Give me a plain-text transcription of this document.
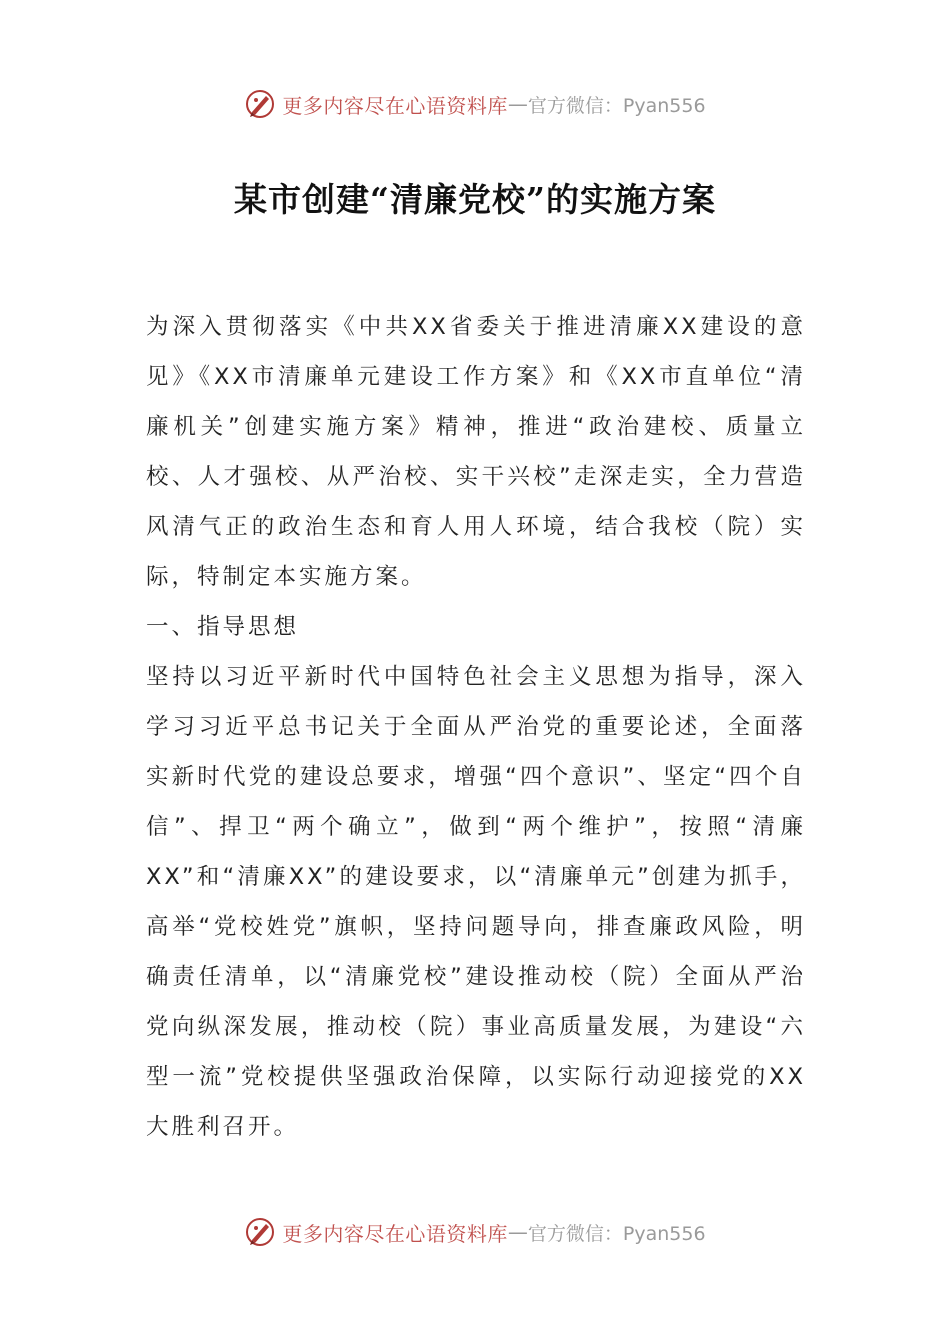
更多内容尽在心语资料库 — 官方微信：Pyan556
某市创建“清廉党校”的实施方案

为深入贯彻落实《中共XX省委关于推进清廉XX建设的意见》《XX市清廉单元建设工作方案》和《XX市直单位“清廉机关”创建实施方案》精神，推进“政治建校、质量立校、人才强校、从严治校、实干兴校”走深走实，全力营造风清气正的政治生态和育人用人环境，结合我校（院）实际，特制定本实施方案。

一、指导思想

坚持以习近平新时代中国特色社会主义思想为指导，深入学习习近平总书记关于全面从严治党的重要论述，全面落实新时代党的建设总要求，增强“四个意识”、坚定“四个自信”、捍卫“两个确立”，做到“两个维护”，按照“清廉XX”和“清廉XX”的建设要求，以“清廉单元”创建为抓手，高举“党校姓党”旗帜，坚持问题导向，排查廉政风险，明确责任清单，以“清廉党校”建设推动校（院）全面从严治党向纵深发展，推动校（院）事业高质量发展，为建设“六型一流”党校提供坚强政治保障，以实际行动迎接党的XX大胜利召开。

更多内容尽在心语资料库 — 官方微信：Pyan556
